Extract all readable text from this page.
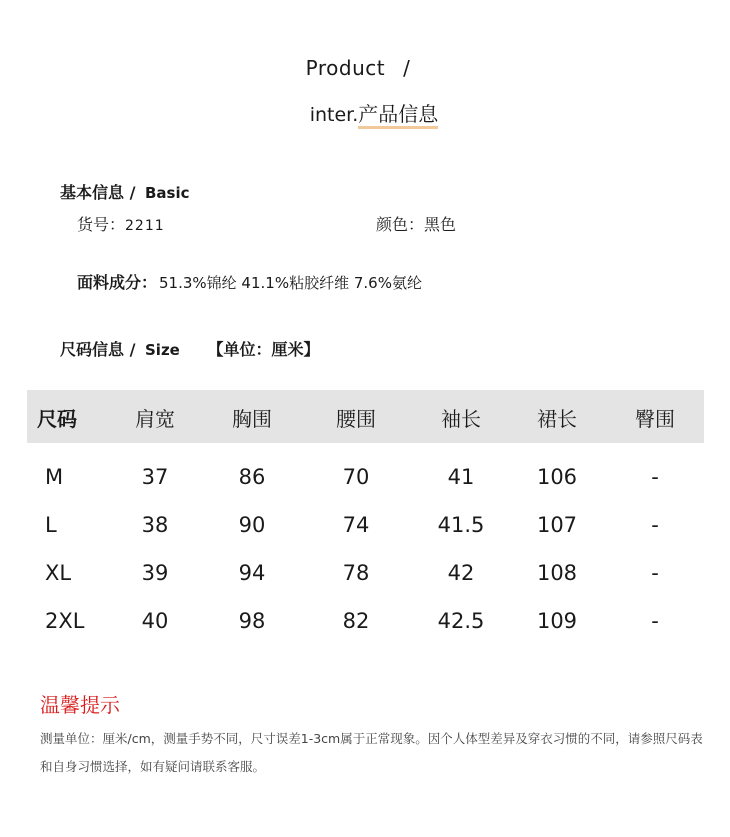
Product /
inter.产品信息
基本信息 / Basic
货号：2211	颜色：黑色
面料成分： 51.3%锦纶 41.1%粘胶纤维 7.6%氨纶
尺码信息 / Size 【单位：厘米】
尺码	肩宽	胸围	腰围	袖长	裙长	臀围
M	37	86	70	41	106	-
L	38	90	74	41.5	107	-
XL	39	94	78	42	108	-
2XL	40	98	82	42.5	109	-
温馨提示
测量单位：厘米/cm，测量手势不同，尺寸误差1-3cm属于正常现象。因个人体型差异及穿衣习惯的不同，请参照尺码表和自身习惯选择，如有疑问请联系客服。
